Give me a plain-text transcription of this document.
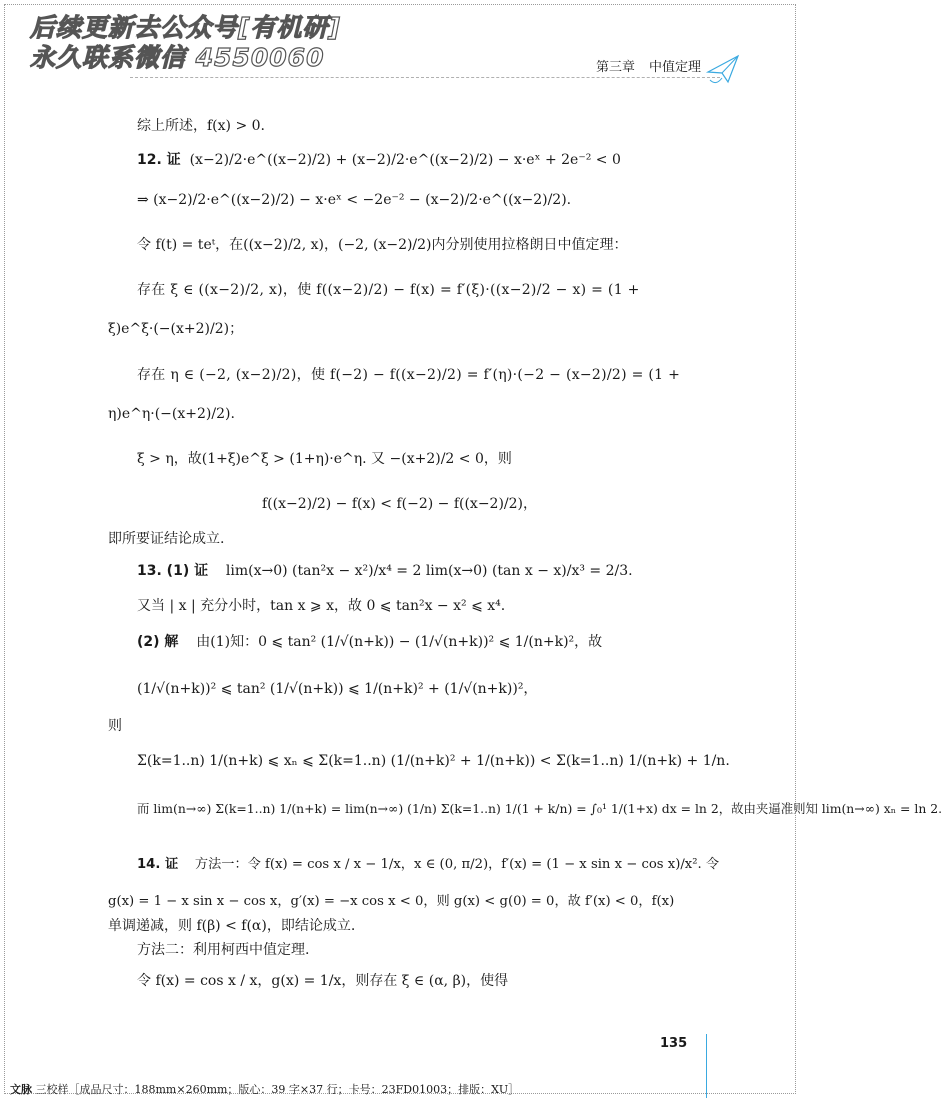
后续更新去公众号[有机研]
永久联系微信 4550060	第三章 中值定理
综上所述，f(x) > 0.
12. 证 (x−2)/2·e^((x−2)/2) + (x−2)/2·e^((x−2)/2) − x·eˣ + 2e⁻² < 0
⇒ (x−2)/2·e^((x−2)/2) − x·eˣ < −2e⁻² − (x−2)/2·e^((x−2)/2).
令 f(t) = teᵗ，在((x−2)/2, x)，(−2, (x−2)/2)内分别使用拉格朗日中值定理：
存在 ξ ∈ ((x−2)/2, x)，使 f((x−2)/2) − f(x) = f′(ξ)·((x−2)/2 − x) = (1 +
ξ)e^ξ·(−(x+2)/2)；
存在 η ∈ (−2, (x−2)/2)，使 f(−2) − f((x−2)/2) = f′(η)·(−2 − (x−2)/2) = (1 +
η)e^η·(−(x+2)/2).
ξ > η，故(1+ξ)e^ξ > (1+η)·e^η. 又 −(x+2)/2 < 0，则
f((x−2)/2) − f(x) < f(−2) − f((x−2)/2)，
即所要证结论成立.
13. (1) 证 lim(x→0) (tan²x − x²)/x⁴ = 2 lim(x→0) (tan x − x)/x³ = 2/3.
又当 | x | 充分小时，tan x ⩾ x，故 0 ⩽ tan²x − x² ⩽ x⁴.
(2) 解 由(1)知：0 ⩽ tan² (1/√(n+k)) − (1/√(n+k))² ⩽ 1/(n+k)²，故
(1/√(n+k))² ⩽ tan² (1/√(n+k)) ⩽ 1/(n+k)² + (1/√(n+k))²，
则
Σ(k=1..n) 1/(n+k) ⩽ xₙ ⩽ Σ(k=1..n) (1/(n+k)² + 1/(n+k)) < Σ(k=1..n) 1/(n+k) + 1/n.
而 lim(n→∞) Σ(k=1..n) 1/(n+k) = lim(n→∞) (1/n) Σ(k=1..n) 1/(1 + k/n) = ∫₀¹ 1/(1+x) dx = ln 2，故由夹逼准则知 lim(n→∞) xₙ = ln 2.
14. 证 方法一：令 f(x) = cos x / x − 1/x，x ∈ (0, π/2)，f′(x) = (1 − x sin x − cos x)/x². 令
g(x) = 1 − x sin x − cos x，g′(x) = −x cos x < 0，则 g(x) < g(0) = 0，故 f′(x) < 0，f(x)
单调递减，则 f(β) < f(α)，即结论成立.
方法二：利用柯西中值定理.
令 f(x) = cos x / x，g(x) = 1/x，则存在 ξ ∈ (α, β)，使得
135
文脉 三校样［成品尺寸：188mm×260mm；版心：39 字×37 行；卡号：23FD01003；排版：XU］
